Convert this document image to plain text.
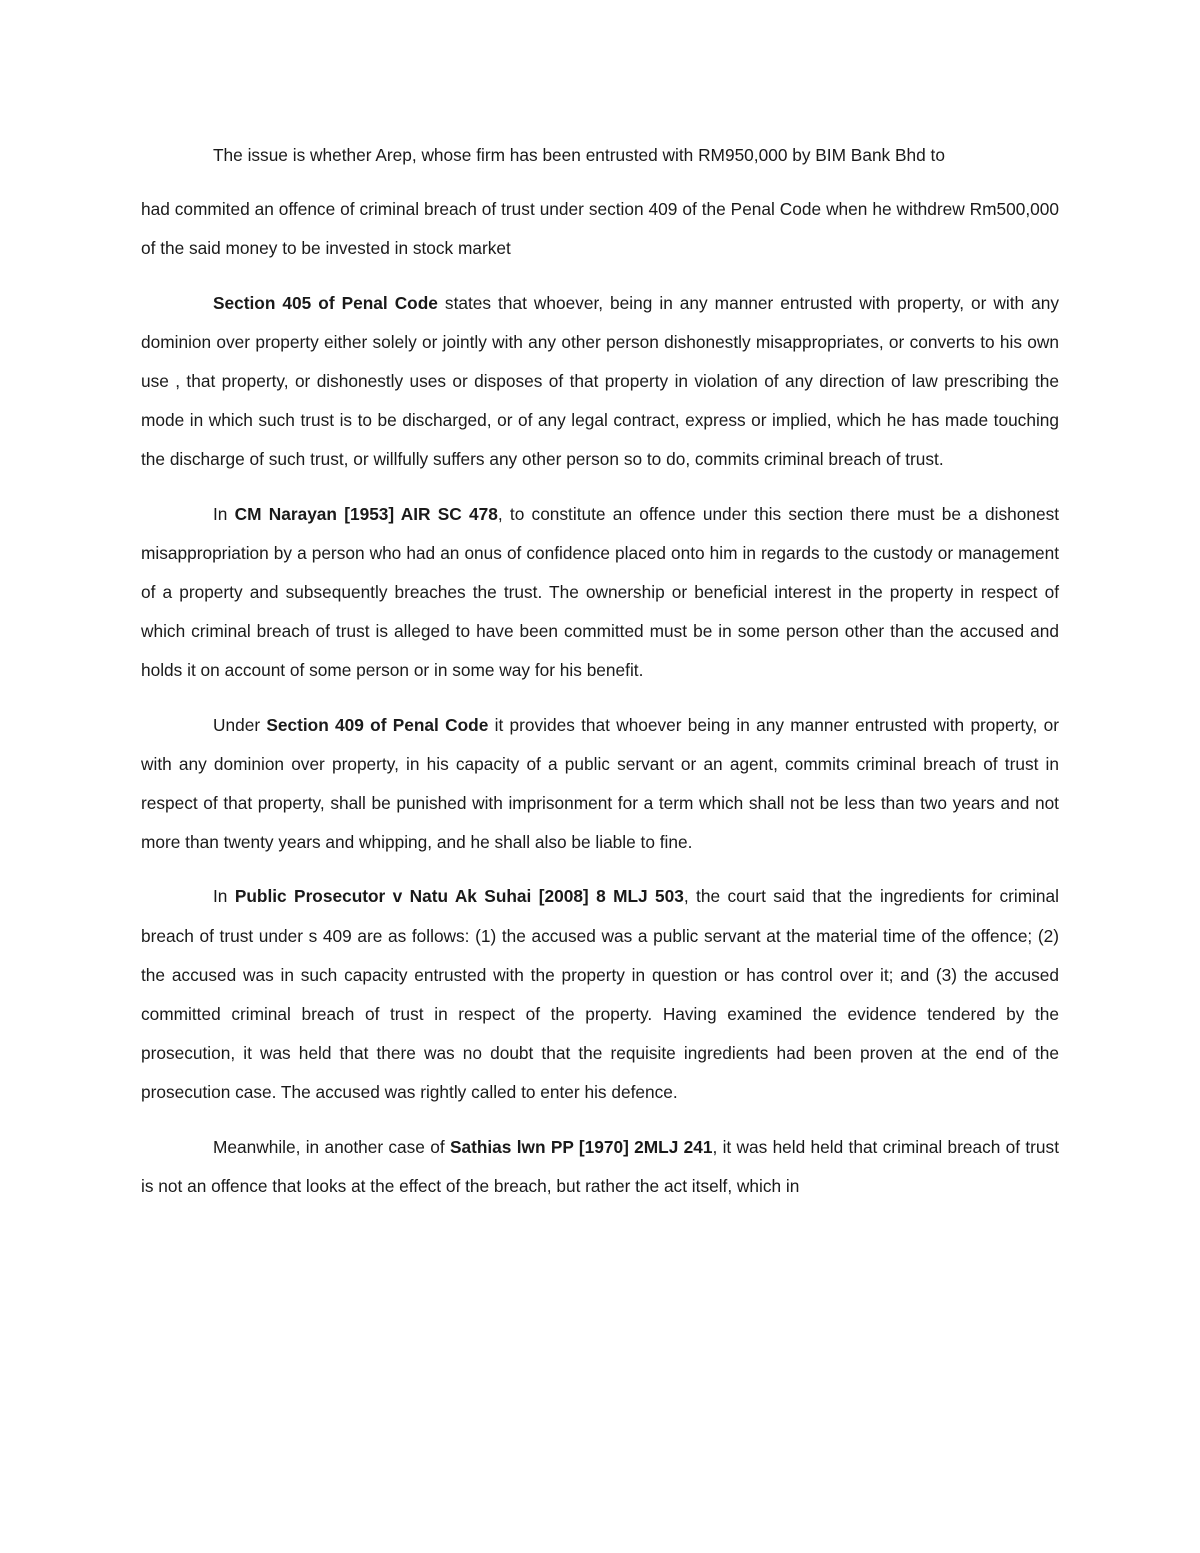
The issue is whether Arep, whose firm has been entrusted with RM950,000 by BIM Bank Bhd to

had commited an offence of criminal breach of trust under section 409 of the Penal Code when he withdrew Rm500,000 of the said money to be invested in stock market

Section 405 of Penal Code states that whoever, being in any manner entrusted with property, or with any dominion over property either solely or jointly with any other person dishonestly misappropriates, or converts to his own use , that property, or dishonestly uses or disposes of that property in violation of any direction of law prescribing the mode in which such trust is to be discharged, or of any legal contract, express or implied, which he has made touching the discharge of such trust, or willfully suffers any other person so to do, commits criminal breach of trust.

In CM Narayan [1953] AIR SC 478, to constitute an offence under this section there must be a dishonest misappropriation by a person who had an onus of confidence placed onto him in regards to the custody or management of a property and subsequently breaches the trust. The ownership or beneficial interest in the property in respect of which criminal breach of trust is alleged to have been committed must be in some person other than the accused and holds it on account of some person or in some way for his benefit.

Under Section 409 of Penal Code it provides that whoever being in any manner entrusted with property, or with any dominion over property, in his capacity of a public servant or an agent, commits criminal breach of trust in respect of that property, shall be punished with imprisonment for a term which shall not be less than two years and not more than twenty years and whipping, and he shall also be liable to fine.

In Public Prosecutor v Natu Ak Suhai [2008] 8 MLJ 503, the court said that the ingredients for criminal breach of trust under s 409 are as follows: (1) the accused was a public servant at the material time of the offence; (2) the accused was in such capacity entrusted with the property in question or has control over it; and (3) the accused committed criminal breach of trust in respect of the property. Having examined the evidence tendered by the prosecution, it was held that there was no doubt that the requisite ingredients had been proven at the end of the prosecution case. The accused was rightly called to enter his defence.

Meanwhile, in another case of Sathias lwn PP [1970] 2MLJ 241, it was held held that criminal breach of trust is not an offence that looks at the effect of the breach, but rather the act itself, which in
